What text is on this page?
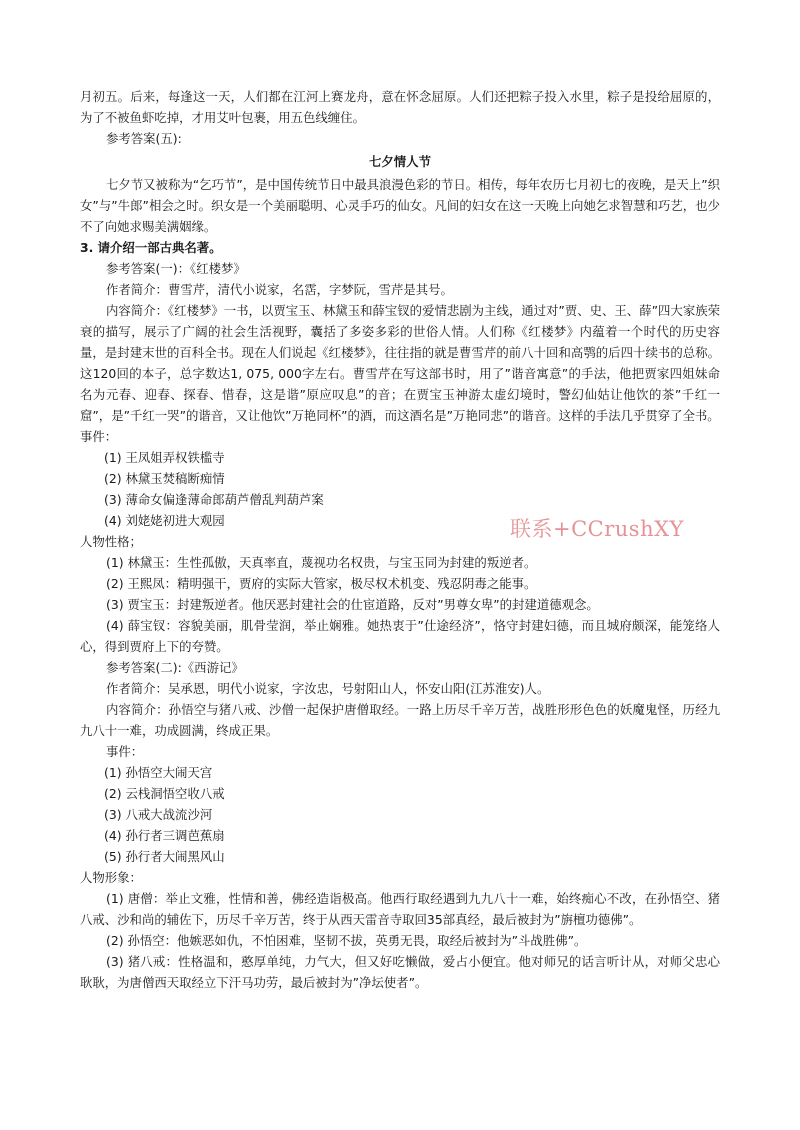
月初五。后来，每逢这一天，人们都在江河上赛龙舟，意在怀念屈原。人们还把粽子投入水里，粽子是投给屈原的，为了不被鱼虾吃掉，才用艾叶包裹，用五色线缠住。

参考答案(五):

七夕情人节

七夕节又被称为“乞巧节”，是中国传统节日中最具浪漫色彩的节日。相传，每年农历七月初七的夜晚，是天上”织女”与”牛郎”相会之时。织女是一个美丽聪明、心灵手巧的仙女。凡间的妇女在这一天晚上向她乞求智慧和巧艺，也少不了向她求赐美满姻缘。

3. 请介绍一部古典名著。

参考答案(一)：《红楼梦》

作者简介：曹雪芹，清代小说家，名霑，字梦阮，雪芹是其号。

内容简介：《红楼梦》一书，以贾宝玉、林黛玉和薛宝钗的爱情悲剧为主线，通过对”贾、史、王、薛”四大家族荣衰的描写，展示了广阔的社会生活视野，囊括了多姿多彩的世俗人情。人们称《红楼梦》内蕴着一个时代的历史容量，是封建末世的百科全书。现在人们说起《红楼梦》，往往指的就是曹雪芹的前八十回和高鹗的后四十续书的总称。这120回的本子，总字数达1, 075, 000字左右。曹雪芹在写这部书时，用了”谐音寓意”的手法，他把贾家四姐妹命名为元春、迎春、探春、惜春，这是谐”原应叹息”的音；在贾宝玉神游太虚幻境时，警幻仙姑让他饮的茶”千红一窟”，是”千红一哭”的谐音，又让他饮”万艳同杯”的酒，而这酒名是”万艳同悲”的谐音。这样的手法几乎贯穿了全书。

事件：

(1) 王凤姐弄权铁槛寺

(2) 林黛玉焚稿断痴情

(3) 薄命女偏逢薄命郎葫芦僧乱判葫芦案

(4) 刘姥姥初进大观园

人物性格；

(1) 林黛玉：生性孤傲，天真率直，蔑视功名权贵，与宝玉同为封建的叛逆者。

(2) 王熙凤：精明强干，贾府的实际大管家，极尽权术机变、残忍阴毒之能事。

(3) 贾宝玉：封建叛逆者。他厌恶封建社会的仕宦道路，反对”男尊女卑”的封建道德观念。

(4) 薛宝钗：容貌美丽，肌骨莹润，举止娴雅。她热衷于”仕途经济”，恪守封建妇德，而且城府颇深，能笼络人心，得到贾府上下的夸赞。

参考答案(二):《西游记》

作者简介：吴承恩，明代小说家，字汝忠，号射阳山人，怀安山阳(江苏淮安)人。

内容简介：孙悟空与猪八戒、沙僧一起保护唐僧取经。一路上历尽千辛万苦，战胜形形色色的妖魔鬼怪，历经九九八十一难，功成圆满，终成正果。

事件：

(1) 孙悟空大闹天宫

(2) 云栈洞悟空收八戒

(3) 八戒大战流沙河

(4) 孙行者三调芭蕉扇

(5) 孙行者大闹黑风山

人物形象：

(1) 唐僧：举止文雅，性情和善，佛经造诣极高。他西行取经遇到九九八十一难，始终痴心不改，在孙悟空、猪八戒、沙和尚的辅佐下，历尽千辛万苦，终于从西天雷音寺取回35部真经，最后被封为”旃檀功德佛”。

(2) 孙悟空：他嫉恶如仇，不怕困难，坚韧不拔，英勇无畏，取经后被封为”斗战胜佛”。

(3) 猪八戒：性格温和，憨厚单纯，力气大，但又好吃懒做，爱占小便宜。他对师兄的话言听计从，对师父忠心耿耿，为唐僧西天取经立下汗马功劳，最后被封为”净坛使者”。

联系+CCrushXY
